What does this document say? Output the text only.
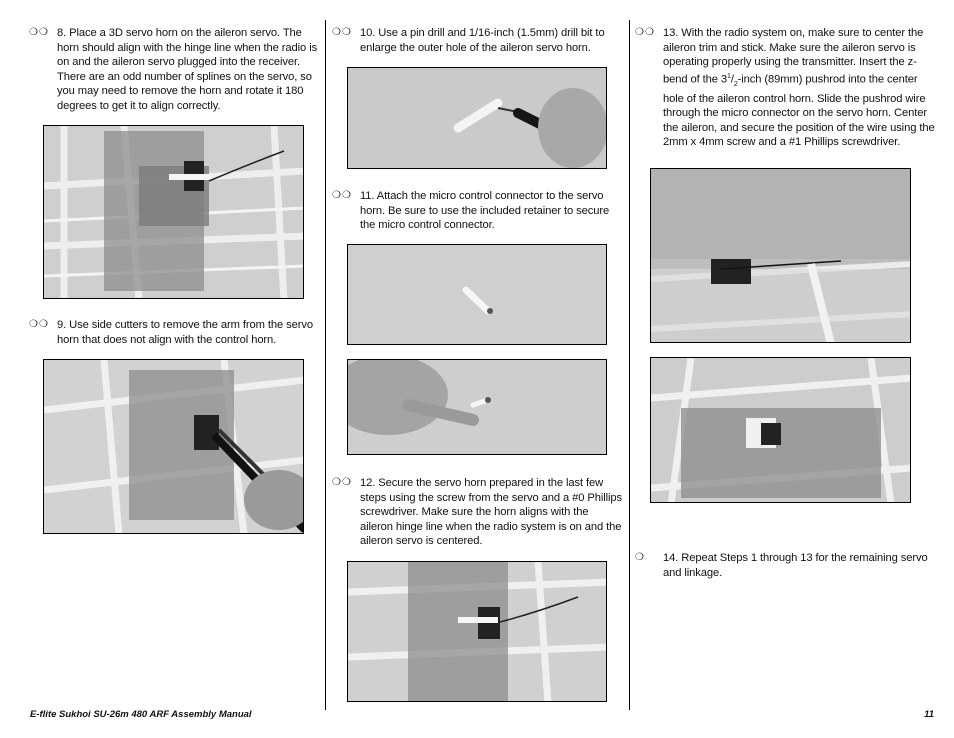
❍❍ 8. Place a 3D servo horn on the aileron servo. The horn should align with the hinge line when the radio is on and the aileron servo plugged into the receiver. There are an odd number of splines on the servo, so you may need to remove the horn and rotate it 180 degrees to get it to align correctly.
❍❍ 9. Use side cutters to remove the arm from the servo horn that does not align with the control horn.
❍❍ 10. Use a pin drill and 1/16-inch (1.5mm) drill bit to enlarge the outer hole of the aileron servo horn.
❍❍ 11. Attach the micro control connector to the servo horn. Be sure to use the included retainer to secure the micro control connector.
❍❍ 12. Secure the servo horn prepared in the last few steps using the screw from the servo and a #0 Phillips screwdriver. Make sure the horn aligns with the aileron hinge line when the radio system is on and the aileron servo is centered.
❍❍ 13. With the radio system on, make sure to center the aileron trim and stick. Make sure the aileron servo is operating properly using the transmitter. Insert the z-bend of the $3^1/_2$-inch (89mm) pushrod into the center hole of the aileron control horn. Slide the pushrod wire through the micro connector on the servo horn. Center the aileron, and secure the position of the wire using the 2mm x 4mm screw and a #1 Phillips screwdriver.
❍	14. Repeat Steps 1 through 13 for the remaining servo and linkage.
E-flite Sukhoi SU-26m 480 ARF Assembly Manual	11
